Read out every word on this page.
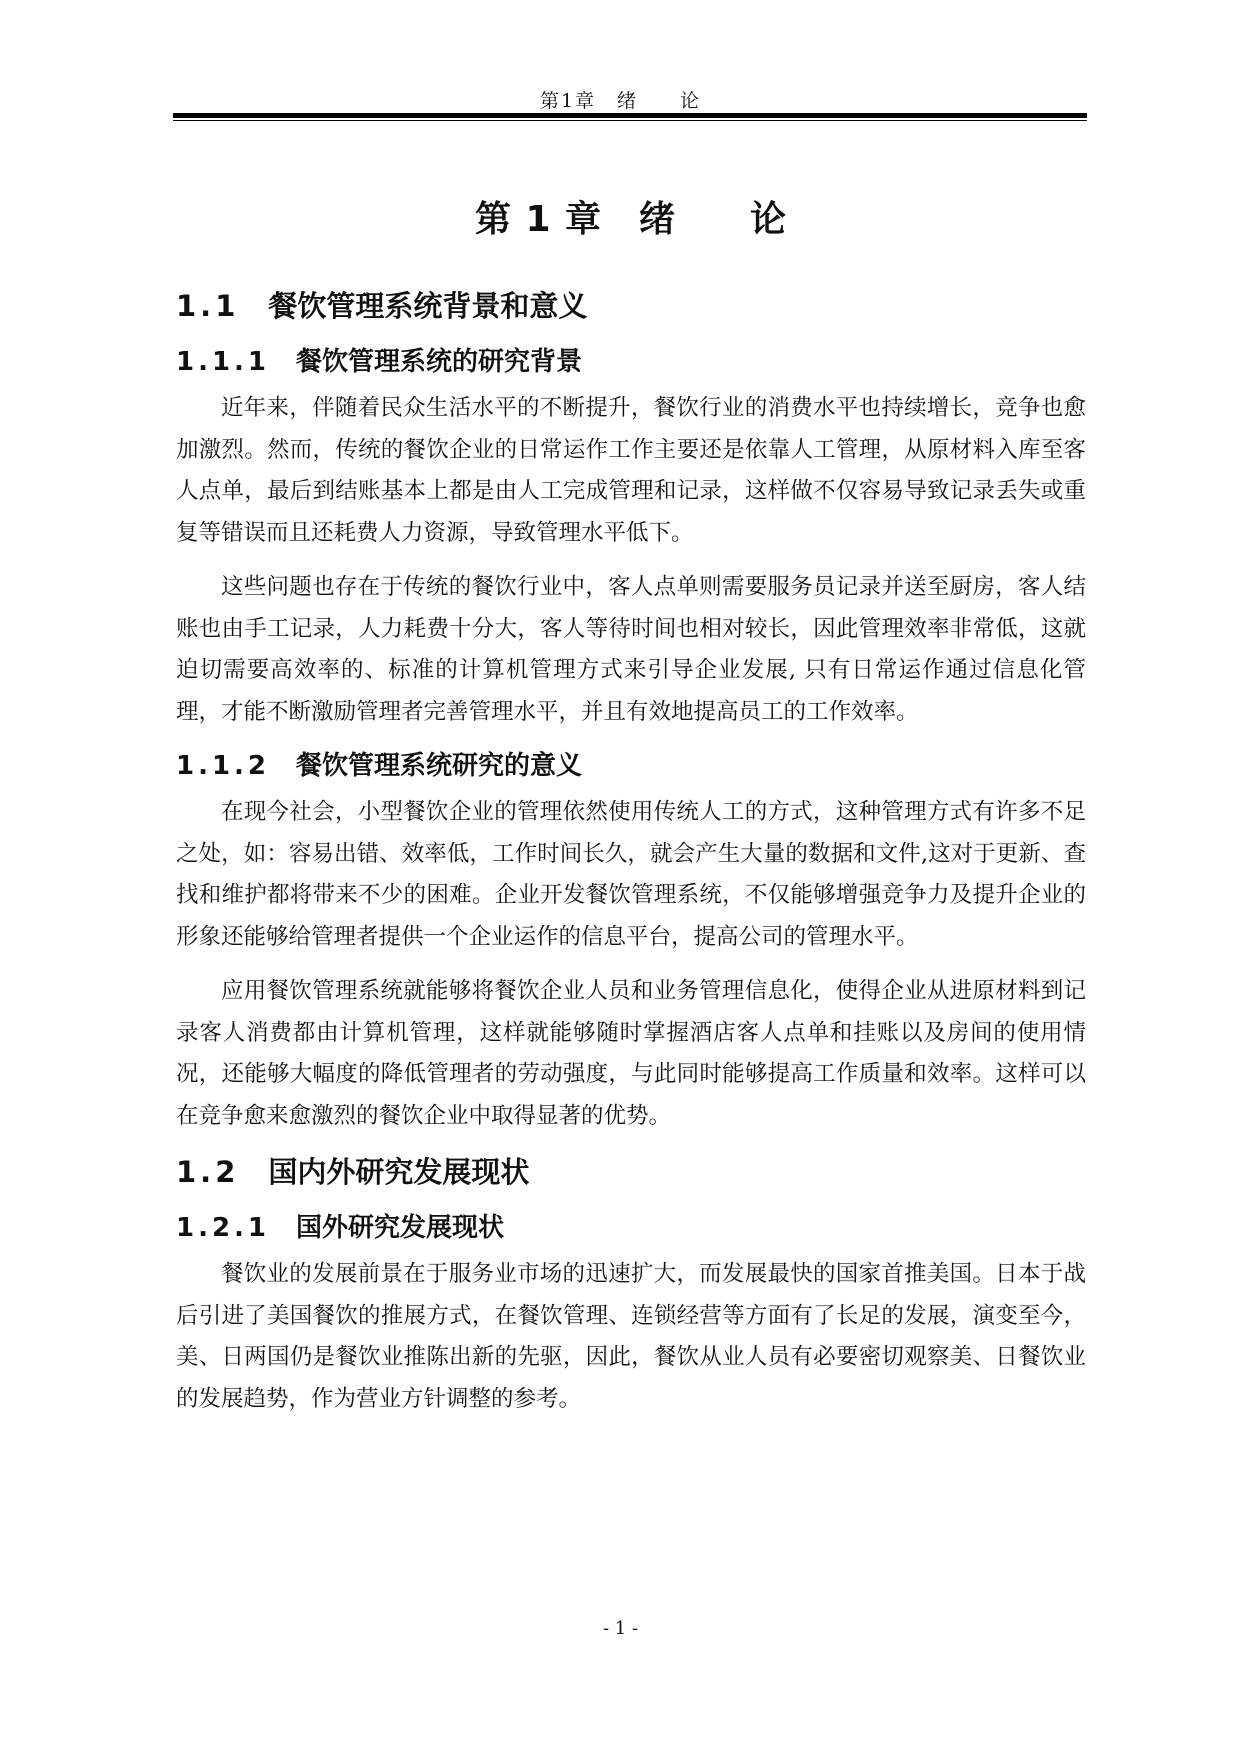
第1章　绪　　论
第 1 章　绪　　论
1.1　 餐饮管理系统背景和意义
1.1.1　 餐饮管理系统的研究背景

近年来，伴随着民众生活水平的不断提升，餐饮行业的消费水平也持续增长，竞争也愈加激烈。然而，传统的餐饮企业的日常运作工作主要还是依靠人工管理，从原材料入库至客人点单，最后到结账基本上都是由人工完成管理和记录，这样做不仅容易导致记录丢失或重复等错误而且还耗费人力资源，导致管理水平低下。

这些问题也存在于传统的餐饮行业中，客人点单则需要服务员记录并送至厨房，客人结账也由手工记录，人力耗费十分大，客人等待时间也相对较长，因此管理效率非常低，这就迫切需要高效率的、标准的计算机管理方式来引导企业发展, 只有日常运作通过信息化管理，才能不断激励管理者完善管理水平，并且有效地提高员工的工作效率。

1.1.2　 餐饮管理系统研究的意义

在现今社会，小型餐饮企业的管理依然使用传统人工的方式，这种管理方式有许多不足之处，如：容易出错、效率低，工作时间长久，就会产生大量的数据和文件,这对于更新、查找和维护都将带来不少的困难。企业开发餐饮管理系统，不仅能够增强竞争力及提升企业的形象还能够给管理者提供一个企业运作的信息平台，提高公司的管理水平。

应用餐饮管理系统就能够将餐饮企业人员和业务管理信息化，使得企业从进原材料到记录客人消费都由计算机管理，这样就能够随时掌握酒店客人点单和挂账以及房间的使用情况，还能够大幅度的降低管理者的劳动强度，与此同时能够提高工作质量和效率。这样可以在竞争愈来愈激烈的餐饮企业中取得显著的优势。

1.2　 国内外研究发展现状
1.2.1　 国外研究发展现状

餐饮业的发展前景在于服务业市场的迅速扩大，而发展最快的国家首推美国。日本于战后引进了美国餐饮的推展方式，在餐饮管理、连锁经营等方面有了长足的发展，演变至今，美、日两国仍是餐饮业推陈出新的先驱，因此，餐饮从业人员有必要密切观察美、日餐饮业的发展趋势，作为营业方针调整的参考。

- 1 -
